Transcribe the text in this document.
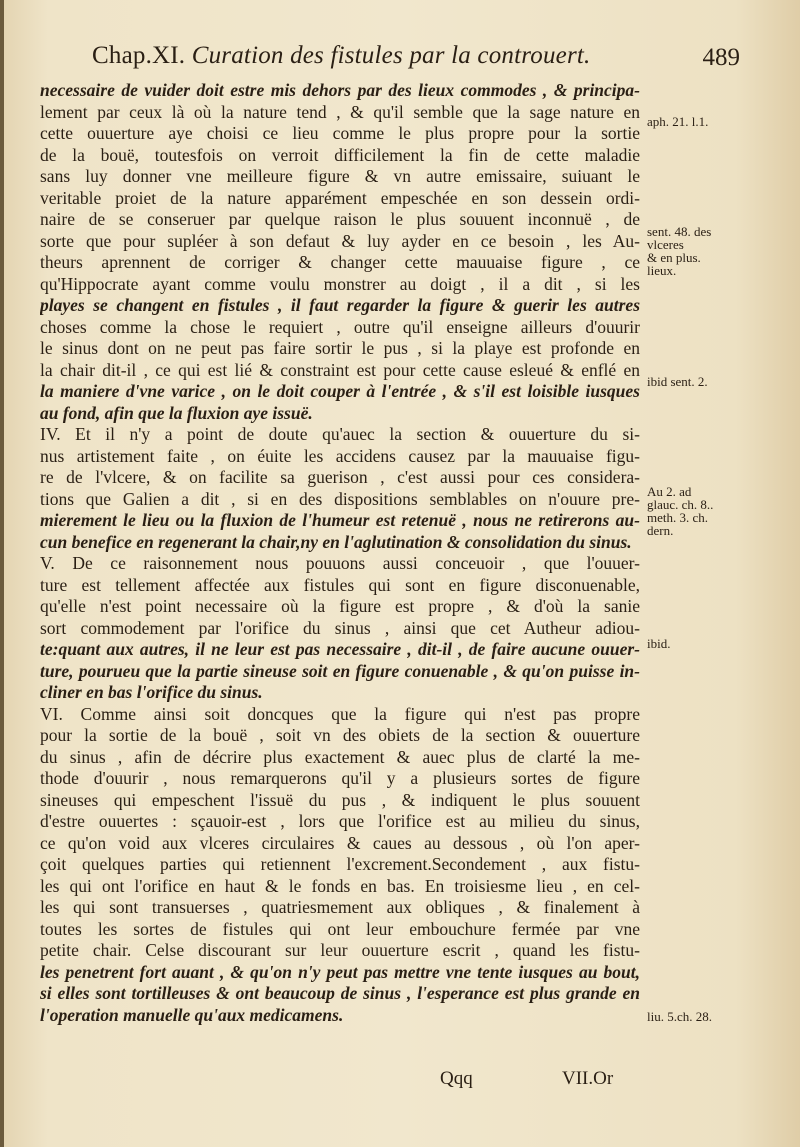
Chap.XI. Curation des fistules par la controuert.	489
necessaire de vuider doit estre mis dehors par des lieux commodes , & principa-
lement par ceux là où la nature tend , & qu'il semble que la sage nature en
cette ouuerture aye choisi ce lieu comme le plus propre pour la sortie
de la bouë, toutesfois on verroit difficilement la fin de cette maladie
sans luy donner vne meilleure figure & vn autre emissaire, suiuant le
veritable proiet de la nature apparément empeschée en son dessein ordi-
naire de se conseruer par quelque raison le plus souuent inconnuë , de
sorte que pour supléer à son defaut & luy ayder en ce besoin , les Au-
theurs aprennent de corriger & changer cette mauuaise figure , ce
qu'Hippocrate ayant comme voulu monstrer au doigt , il a dit , si les
playes se changent en fistules , il faut regarder la figure & guerir les autres
choses comme la chose le requiert , outre qu'il enseigne ailleurs d'ouurir
le sinus dont on ne peut pas faire sortir le pus , si la playe est profonde en
la chair dit-il , ce qui est lié & constraint est pour cette cause esleué & enflé en
la maniere d'vne varice , on le doit couper à l'entrée , & s'il est loisible iusques
au fond, afin que la fluxion aye issuë.
IV. Et il n'y a point de doute qu'auec la section & ouuerture du si-
nus artistement faite , on éuite les accidens causez par la mauuaise figu-
re de l'vlcere, & on facilite sa guerison , c'est aussi pour ces considera-
tions que Galien a dit , si en des dispositions semblables on n'ouure pre-
mierement le lieu ou la fluxion de l'humeur est retenuë , nous ne retirerons au-
cun benefice en regenerant la chair,ny en l'aglutination & consolidation du sinus.
V. De ce raisonnement nous pouuons aussi conceuoir , que l'ouuer-
ture est tellement affectée aux fistules qui sont en figure disconuenable,
qu'elle n'est point necessaire où la figure est propre , & d'où la sanie
sort commodement par l'orifice du sinus , ainsi que cet Autheur adiou-
te:quant aux autres, il ne leur est pas necessaire , dit-il , de faire aucune ouuer-
ture, pourueu que la partie sineuse soit en figure conuenable , & qu'on puisse in-
cliner en bas l'orifice du sinus.
VI. Comme ainsi soit doncques que la figure qui n'est pas propre
pour la sortie de la bouë , soit vn des obiets de la section & ouuerture
du sinus , afin de décrire plus exactement & auec plus de clarté la me-
thode d'ouurir , nous remarquerons qu'il y a plusieurs sortes de figure
sineuses qui empeschent l'issuë du pus , & indiquent le plus souuent
d'estre ouuertes : sçauoir-est , lors que l'orifice est au milieu du sinus,
ce qu'on void aux vlceres circulaires & caues au dessous , où l'on aper-
çoit quelques parties qui retiennent l'excrement.Secondement , aux fistu-
les qui ont l'orifice en haut & le fonds en bas. En troisiesme lieu , en cel-
les qui sont transuerses , quatriesmement aux obliques , & finalement à
toutes les sortes de fistules qui ont leur embouchure fermée par vne
petite chair. Celse discourant sur leur ouuerture escrit , quand les fistu-
les penetrent fort auant , & qu'on n'y peut pas mettre vne tente iusques au bout,
si elles sont tortilleuses & ont beaucoup de sinus , l'esperance est plus grande en
l'operation manuelle qu'aux medicamens.
aph. 21. l.1.
sent. 48. des
vlceres
& en plus.
lieux.
ibid sent. 2.
Au 2. ad
glauc. ch. 8..
meth. 3. ch.
dern.
ibid.
liu. 5.ch. 28.
Qqq	VII.Or
